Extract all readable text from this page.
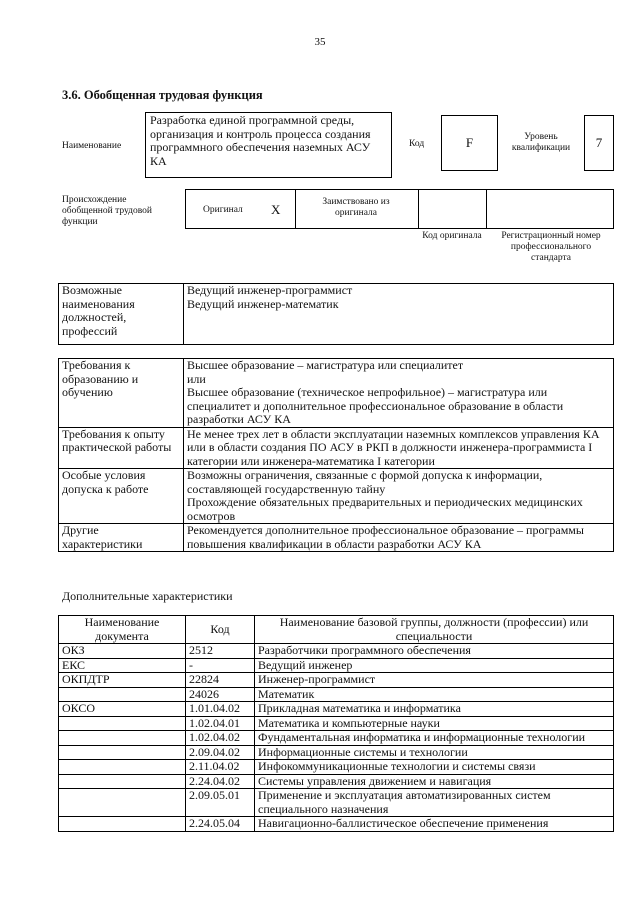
35
3.6. Обобщенная трудовая функция
Наименование
Разработка единой программной среды, организация и контроль процесса создания программного обеспечения наземных АСУ КА
Код	F	Уровень квалификации	7
Происхождение обобщенной трудовой функции
Оригинал X	Заимствовано из оригинала
Код оригинала	Регистрационный номер профессионального стандарта
Возможные наименования должностей, профессий	
Ведущий инженер-программист
Ведущий инженер-математик
Требования к образованию и обучению	Высшее образование – магистратура или специалитет
или
Высшее образование (техническое непрофильное) – магистратура или специалитет и дополнительное профессиональное образование в области разработки АСУ КА

Требования к опыту практической работы	Не менее трех лет в области эксплуатации наземных комплексов управления КА или в области создания ПО АСУ в РКП в должности инженера-программиста I категории или инженера-математика I категории

Особые условия допуска к работе	Возможны ограничения, связанные с формой допуска к информации, составляющей государственную тайну
Прохождение обязательных предварительных и периодических медицинских осмотров

Другие характеристики	Рекомендуется дополнительное профессиональное образование – программы повышения квалификации в области разработки АСУ КА
Дополнительные характеристики
Наименование документа	Код	Наименование базовой группы, должности (профессии) или специальности
ОКЗ	2512	Разработчики программного обеспечения
ЕКС	-	Ведущий инженер
ОКПДТР	22824	Инженер-программист
	24026	Математик
ОКСО	1.01.04.02	Прикладная математика и информатика
	1.02.04.01	Математика и компьютерные науки
	1.02.04.02	Фундаментальная информатика и информационные технологии
	2.09.04.02	Информационные системы и технологии
	2.11.04.02	Инфокоммуникационные технологии и системы связи
	2.24.04.02	Системы управления движением и навигация
	2.09.05.01	Применение и эксплуатация автоматизированных систем специального назначения
	2.24.05.04	Навигационно-баллистическое обеспечение применения
